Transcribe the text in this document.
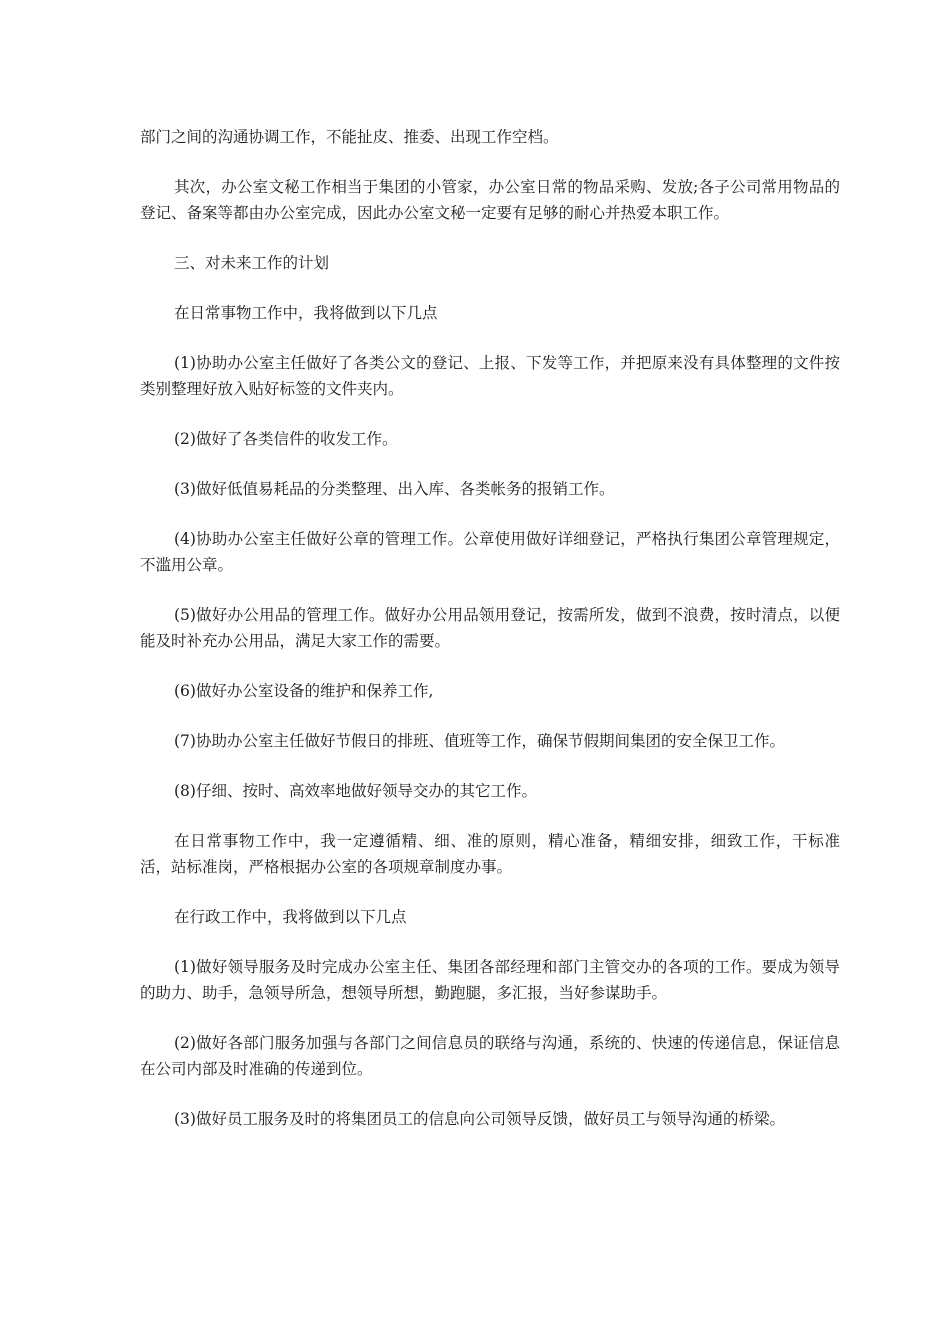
部门之间的沟通协调工作，不能扯皮、推委、出现工作空档。

其次，办公室文秘工作相当于集团的小管家，办公室日常的物品采购、发放;各子公司常用物品的登记、备案等都由办公室完成，因此办公室文秘一定要有足够的耐心并热爱本职工作。

三、对未来工作的计划

在日常事物工作中，我将做到以下几点

(1)协助办公室主任做好了各类公文的登记、上报、下发等工作，并把原来没有具体整理的文件按类别整理好放入贴好标签的文件夹内。

(2)做好了各类信件的收发工作。

(3)做好低值易耗品的分类整理、出入库、各类帐务的报销工作。

(4)协助办公室主任做好公章的管理工作。公章使用做好详细登记，严格执行集团公章管理规定，不滥用公章。

(5)做好办公用品的管理工作。做好办公用品领用登记，按需所发，做到不浪费，按时清点，以便能及时补充办公用品，满足大家工作的需要。

(6)做好办公室设备的维护和保养工作,

(7)协助办公室主任做好节假日的排班、值班等工作，确保节假期间集团的安全保卫工作。

(8)仔细、按时、高效率地做好领导交办的其它工作。

在日常事物工作中，我一定遵循精、细、准的原则，精心准备，精细安排，细致工作，干标准活，站标准岗，严格根据办公室的各项规章制度办事。

在行政工作中，我将做到以下几点

(1)做好领导服务及时完成办公室主任、集团各部经理和部门主管交办的各项的工作。要成为领导的助力、助手，急领导所急，想领导所想，勤跑腿，多汇报，当好参谋助手。

(2)做好各部门服务加强与各部门之间信息员的联络与沟通，系统的、快速的传递信息，保证信息在公司内部及时准确的传递到位。

(3)做好员工服务及时的将集团员工的信息向公司领导反馈，做好员工与领导沟通的桥梁。
